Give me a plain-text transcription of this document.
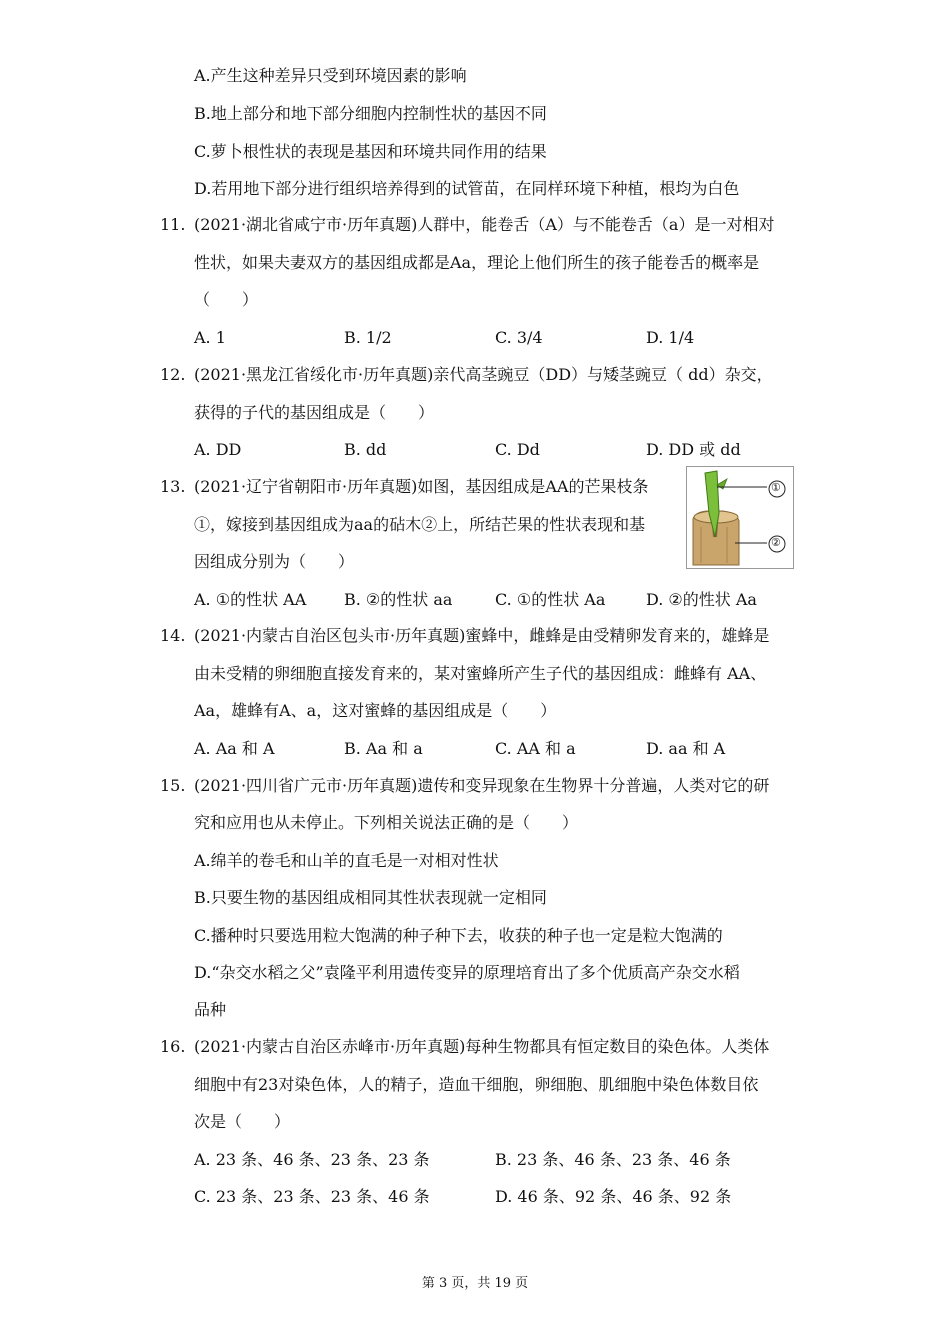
A.产生这种差异只受到环境因素的影响
B.地上部分和地下部分细胞内控制性状的基因不同
C.萝卜根性状的表现是基因和环境共同作用的结果
D.若用地下部分进行组织培养得到的试管苗，在同样环境下种植，根均为白色
11. (2021·湖北省咸宁市·历年真题)人群中，能卷舌（A）与不能卷舌（a）是一对相对
性状，如果夫妻双方的基因组成都是Aa，理论上他们所生的孩子能卷舌的概率是
（　　）
A. 1	B. 1/2	C. 3/4	D. 1/4
12. (2021·黑龙江省绥化市·历年真题)亲代高茎豌豆（DD）与矮茎豌豆（ dd）杂交，
获得的子代的基因组成是（　　）
A. DD	B. dd	C. Dd	D. DD 或 dd
13. (2021·辽宁省朝阳市·历年真题)如图，基因组成是AA的芒果枝条
①，嫁接到基因组成为aa的砧木②上，所结芒果的性状表现和基
因组成分别为（　　）
①
②
A. ①的性状 AA B. ②的性状 aa	C. ①的性状 Aa	D. ②的性状 Aa
14. (2021·内蒙古自治区包头市·历年真题)蜜蜂中，雌蜂是由受精卵发育来的，雄蜂是
由未受精的卵细胞直接发育来的，某对蜜蜂所产生子代的基因组成：雌蜂有 AA、
Aa，雄蜂有A、a，这对蜜蜂的基因组成是（　　）
A. Aa 和 A	B. Aa 和 a	C. AA 和 a	D. aa 和 A
15. (2021·四川省广元市·历年真题)遗传和变异现象在生物界十分普遍，人类对它的研
究和应用也从未停止。下列相关说法正确的是（　　）
A.绵羊的卷毛和山羊的直毛是一对相对性状
B.只要生物的基因组成相同其性状表现就一定相同
C.播种时只要选用粒大饱满的种子种下去，收获的种子也一定是粒大饱满的
D.“杂交水稻之父”袁隆平利用遗传变异的原理培育出了多个优质高产杂交水稻
品种
16. (2021·内蒙古自治区赤峰市·历年真题)每种生物都具有恒定数目的染色体。人类体
细胞中有23对染色体，人的精子，造血干细胞，卵细胞、肌细胞中染色体数目依
次是（　　）
A. 23 条、46 条、23 条、23 条	B. 23 条、46 条、23 条、46 条
C. 23 条、23 条、23 条、46 条	D. 46 条、92 条、46 条、92 条
第 3 页，共 19 页
